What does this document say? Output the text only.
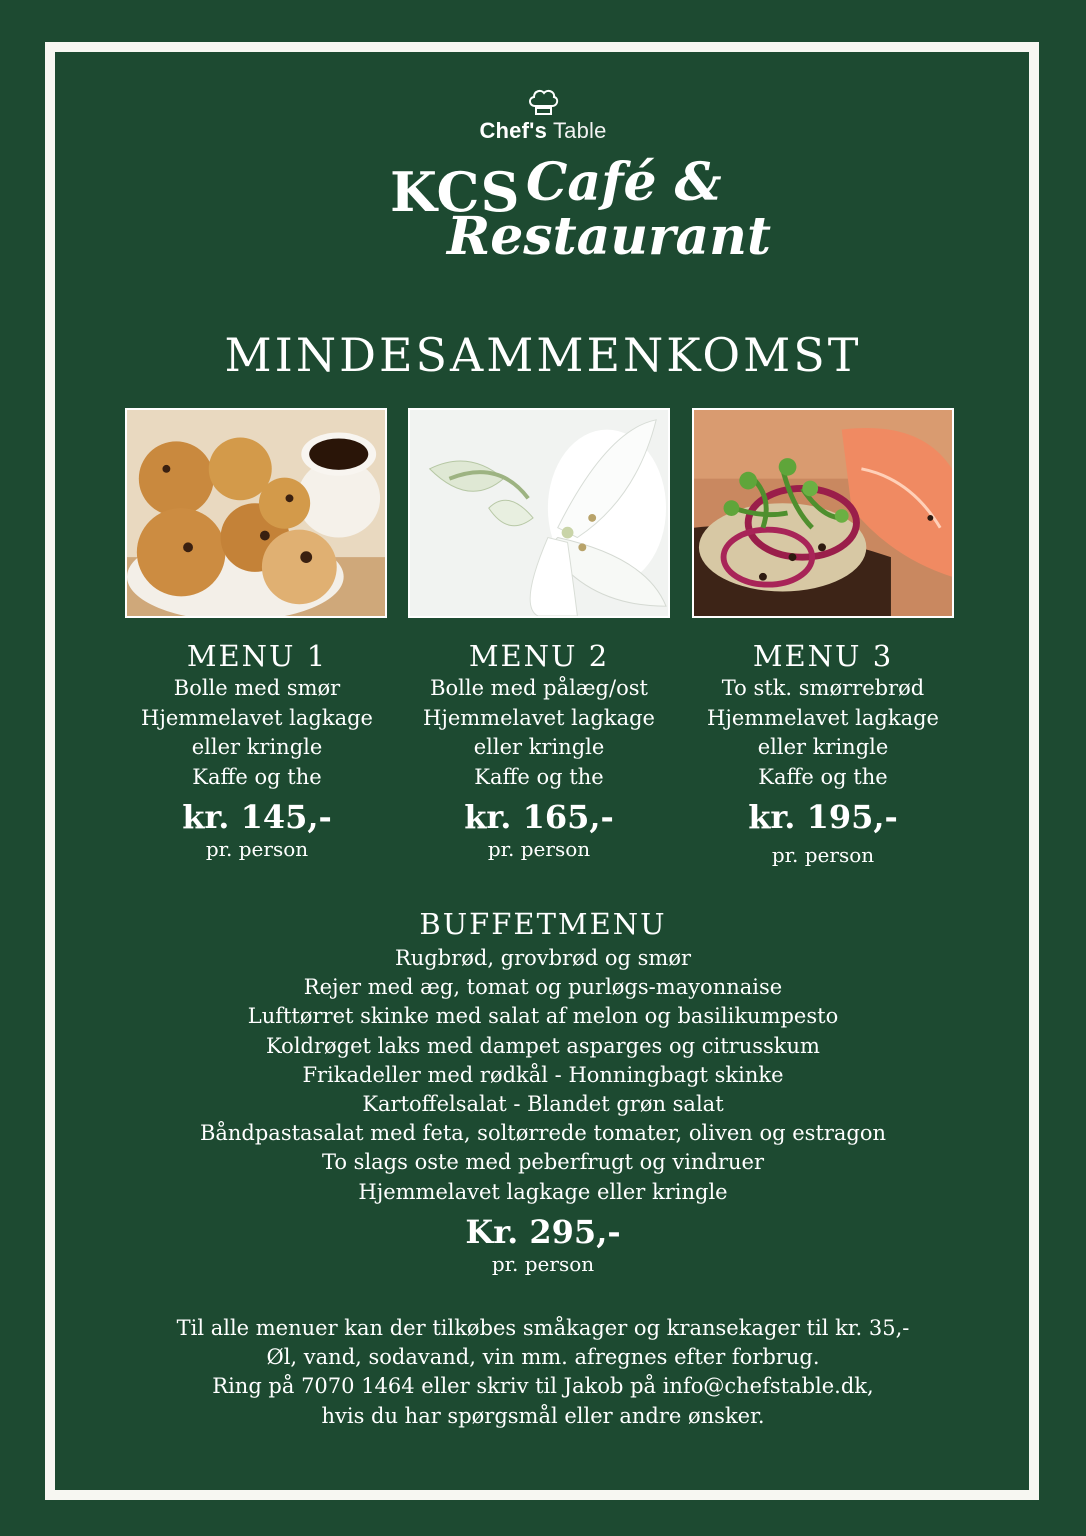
Chef's Table
KCS Café &
Restaurant
MINDESAMMENKOMST
MENU 1
Bolle med smør
Hjemmelavet lagkage
eller kringle
Kaffe og the
kr. 145,-
pr. person
MENU 2
Bolle med pålæg/ost
Hjemmelavet lagkage
eller kringle
Kaffe og the
kr. 165,-
pr. person
MENU 3
To stk. smørrebrød
Hjemmelavet lagkage
eller kringle
Kaffe og the
kr. 195,-
pr. person
BUFFETMENU
Rugbrød, grovbrød og smør
Rejer med æg, tomat og purløgs-mayonnaise
Lufttørret skinke med salat af melon og basilikumpesto
Koldrøget laks med dampet asparges og citrusskum
Frikadeller med rødkål - Honningbagt skinke
Kartoffelsalat - Blandet grøn salat
Båndpastasalat med feta, soltørrede tomater, oliven og estragon
To slags oste med peberfrugt og vindruer
Hjemmelavet lagkage eller kringle
Kr. 295,-
pr. person
Til alle menuer kan der tilkøbes småkager og kransekager til kr. 35,-
Øl, vand, sodavand, vin mm. afregnes efter forbrug.
Ring på 7070 1464 eller skriv til Jakob på info@chefstable.dk,
hvis du har spørgsmål eller andre ønsker.
